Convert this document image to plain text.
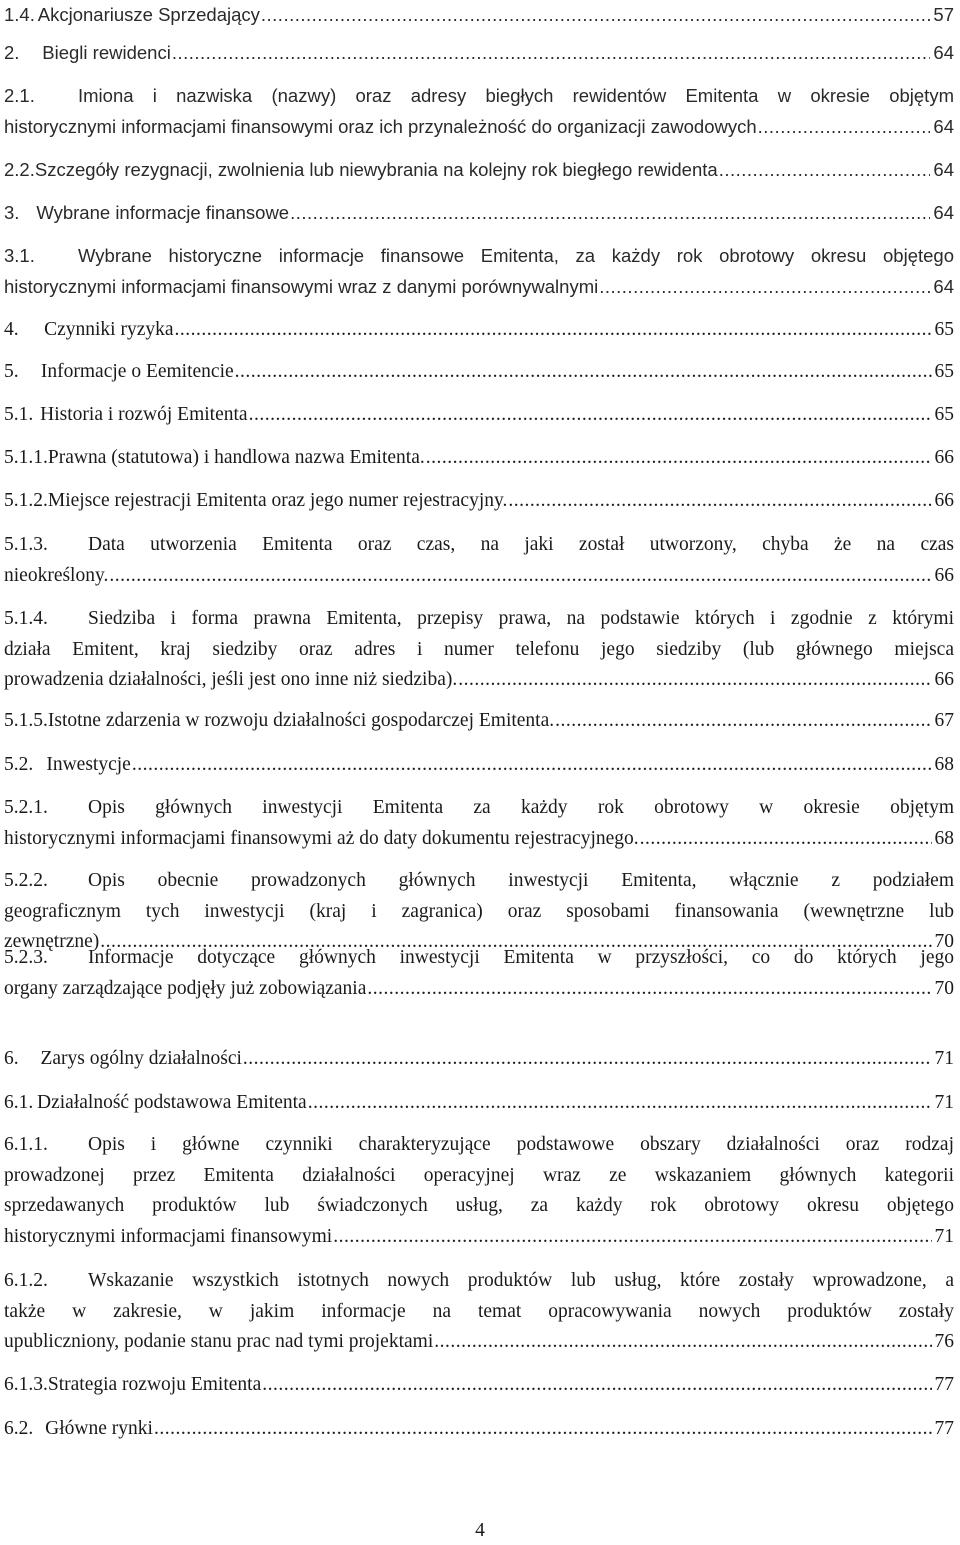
1.4. Akcjonariusze Sprzedający .....	57
2.	Biegli rewidenci .....	64
2.1. Imiona i nazwiska (nazwy) oraz adresy biegłych rewidentów Emitenta w okresie objętym
historycznymi informacjami finansowymi oraz ich przynależność do organizacji zawodowych .....	64
2.2. Szczegóły rezygnacji, zwolnienia lub niewybrania na kolejny rok biegłego rewidenta .....	64
3. Wybrane informacje finansowe .....	64
3.1. Wybrane historyczne informacje finansowe Emitenta, za każdy rok obrotowy okresu objętego
historycznymi informacjami finansowymi wraz z danymi porównywalnymi .....	64
4.	Czynniki ryzyka .....	65
5.	Informacje o Eemitencie .....	65
5.1. Historia i rozwój Emitenta .....	65
5.1.1. Prawna (statutowa) i handlowa nazwa Emitenta. .....	66
5.1.2. Miejsce rejestracji Emitenta oraz jego numer rejestracyjny. .....	66
5.1.3. Data utworzenia Emitenta oraz czas, na jaki został utworzony, chyba że na czas
nieokreślony. .....	66
5.1.4. Siedziba i forma prawna Emitenta, przepisy prawa, na podstawie których i zgodnie z którymi
działa Emitent, kraj siedziby oraz adres i numer telefonu jego siedziby (lub głównego miejsca
prowadzenia działalności, jeśli jest ono inne niż siedziba). .....	66
5.1.5. Istotne zdarzenia w rozwoju działalności gospodarczej Emitenta. .....	67
5.2. Inwestycje .....	68
5.2.1. Opis głównych inwestycji Emitenta za każdy rok obrotowy w okresie objętym
historycznymi informacjami finansowymi aż do daty dokumentu rejestracyjnego. .....	68
5.2.2. Opis obecnie prowadzonych głównych inwestycji Emitenta, włącznie z podziałem
geograficznym tych inwestycji (kraj i zagranica) oraz sposobami finansowania (wewnętrzne lub
zewnętrzne) .....	70
5.2.3. Informacje dotyczące głównych inwestycji Emitenta w przyszłości, co do których jego
organy zarządzające podjęły już zobowiązania .....	70
6.	Zarys ogólny działalności .....	71
6.1. Działalność podstawowa Emitenta .....	71
6.1.1. Opis i główne czynniki charakteryzujące podstawowe obszary działalności oraz rodzaj
prowadzonej przez Emitenta działalności operacyjnej wraz ze wskazaniem głównych kategorii
sprzedawanych produktów lub świadczonych usług, za każdy rok obrotowy okresu objętego
historycznymi informacjami finansowymi .....	71
6.1.2. Wskazanie wszystkich istotnych nowych produktów lub usług, które zostały wprowadzone, a
także w zakresie, w jakim informacje na temat opracowywania nowych produktów zostały
upubliczniony, podanie stanu prac nad tymi projektami .....	76
6.1.3. Strategia rozwoju Emitenta .....	77
6.2. Główne rynki .....	77
4
